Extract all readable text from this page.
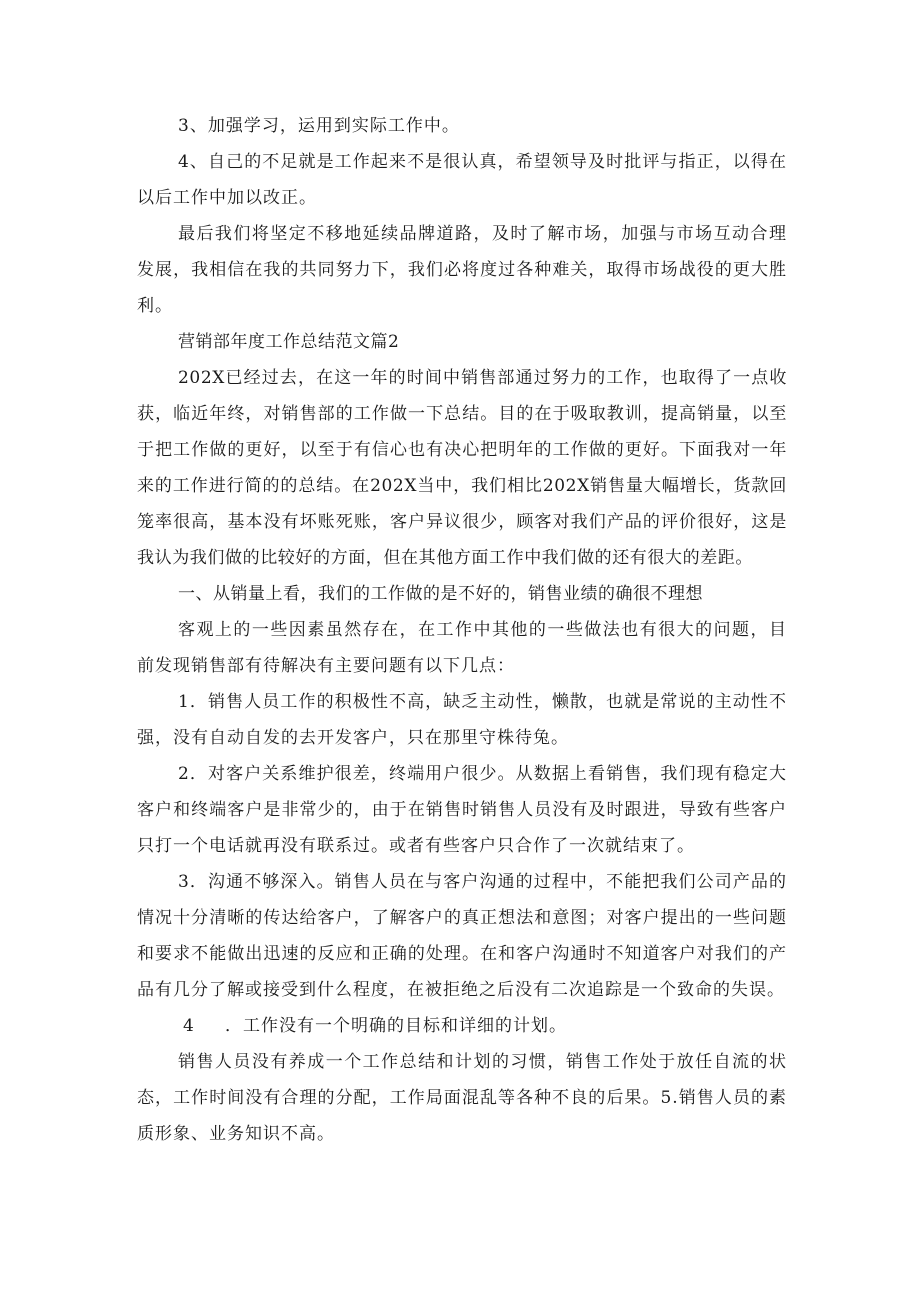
3、加强学习，运用到实际工作中。

4、自己的不足就是工作起来不是很认真，希望领导及时批评与指正，以得在以后工作中加以改正。

最后我们将坚定不移地延续品牌道路，及时了解市场，加强与市场互动合理发展，我相信在我的共同努力下，我们必将度过各种难关，取得市场战役的更大胜利。

营销部年度工作总结范文篇2

202X已经过去，在这一年的时间中销售部通过努力的工作，也取得了一点收获，临近年终，对销售部的工作做一下总结。目的在于吸取教训，提高销量，以至于把工作做的更好，以至于有信心也有决心把明年的工作做的更好。下面我对一年来的工作进行简的的总结。在202X当中，我们相比202X销售量大幅增长，货款回笼率很高，基本没有坏账死账，客户异议很少，顾客对我们产品的评价很好，这是我认为我们做的比较好的方面，但在其他方面工作中我们做的还有很大的差距。

一、从销量上看，我们的工作做的是不好的，销售业绩的确很不理想

客观上的一些因素虽然存在，在工作中其他的一些做法也有很大的问题，目前发现销售部有待解决有主要问题有以下几点：

1．销售人员工作的积极性不高，缺乏主动性，懒散，也就是常说的主动性不强，没有自动自发的去开发客户，只在那里守株待兔。

2．对客户关系维护很差，终端用户很少。从数据上看销售，我们现有稳定大客户和终端客户是非常少的，由于在销售时销售人员没有及时跟进，导致有些客户只打一个电话就再没有联系过。或者有些客户只合作了一次就结束了。

3．沟通不够深入。销售人员在与客户沟通的过程中，不能把我们公司产品的情况十分清晰的传达给客户，了解客户的真正想法和意图；对客户提出的一些问题和要求不能做出迅速的反应和正确的处理。在和客户沟通时不知道客户对我们的产品有几分了解或接受到什么程度，在被拒绝之后没有二次追踪是一个致命的失误。

4 ．工作没有一个明确的目标和详细的计划。

销售人员没有养成一个工作总结和计划的习惯，销售工作处于放任自流的状态，工作时间没有合理的分配，工作局面混乱等各种不良的后果。5.销售人员的素质形象、业务知识不高。
